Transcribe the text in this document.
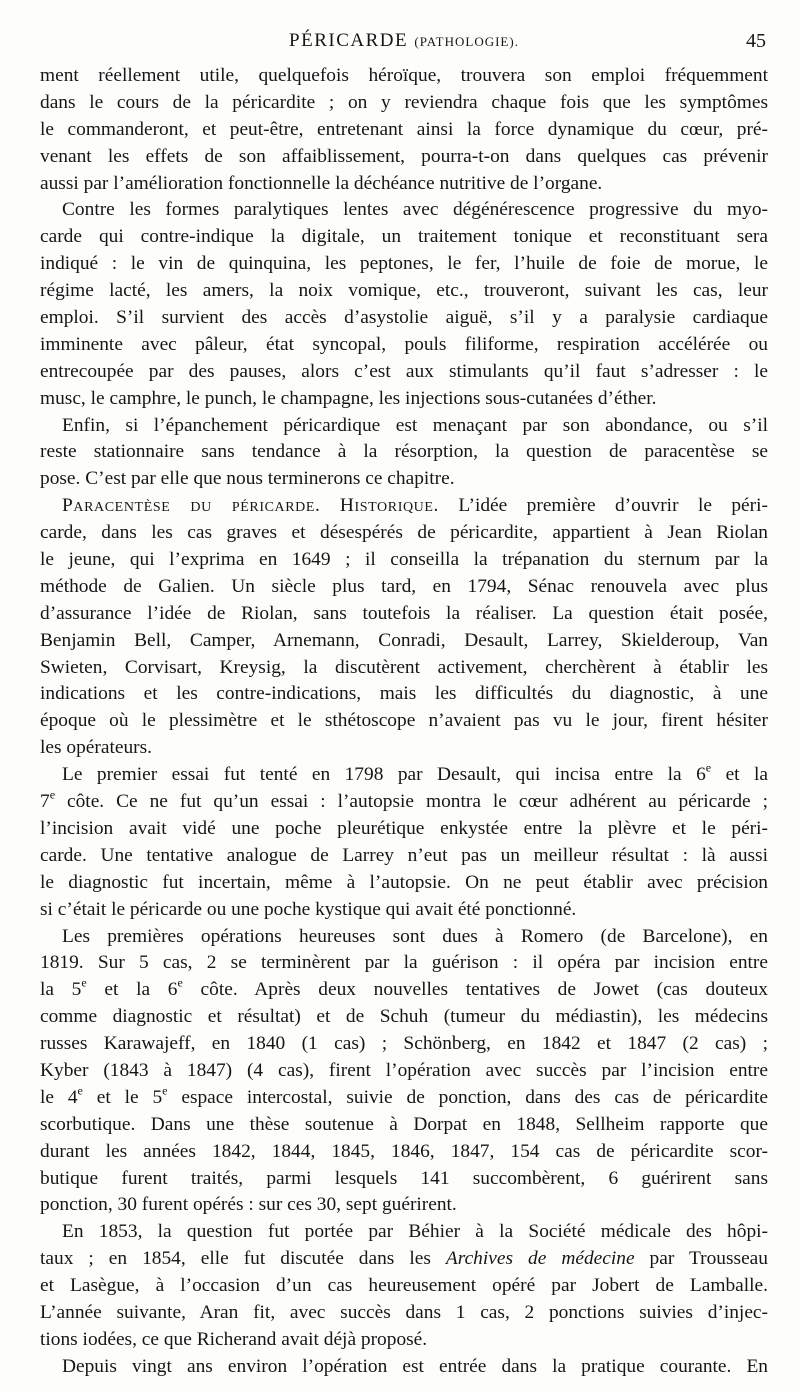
PÉRICARDE (PATHOLOGIE).	45
ment réellement utile, quelquefois héroïque, trouvera son emploi fréquemment
dans le cours de la péricardite ; on y reviendra chaque fois que les symptômes
le commanderont, et peut-être, entretenant ainsi la force dynamique du cœur, pré-
venant les effets de son affaiblissement, pourra-t-on dans quelques cas prévenir
aussi par l’amélioration fonctionnelle la déchéance nutritive de l’organe.
Contre les formes paralytiques lentes avec dégénérescence progressive du myo-
carde qui contre-indique la digitale, un traitement tonique et reconstituant sera
indiqué : le vin de quinquina, les peptones, le fer, l’huile de foie de morue, le
régime lacté, les amers, la noix vomique, etc., trouveront, suivant les cas, leur
emploi. S’il survient des accès d’asystolie aiguë, s’il y a paralysie cardiaque
imminente avec pâleur, état syncopal, pouls filiforme, respiration accélérée ou
entrecoupée par des pauses, alors c’est aux stimulants qu’il faut s’adresser : le
musc, le camphre, le punch, le champagne, les injections sous-cutanées d’éther.
Enfin, si l’épanchement péricardique est menaçant par son abondance, ou s’il
reste stationnaire sans tendance à la résorption, la question de paracentèse se
pose. C’est par elle que nous terminerons ce chapitre.
Paracentèse du péricarde. Historique. L’idée première d’ouvrir le péri-
carde, dans les cas graves et désespérés de péricardite, appartient à Jean Riolan
le jeune, qui l’exprima en 1649 ; il conseilla la trépanation du sternum par la
méthode de Galien. Un siècle plus tard, en 1794, Sénac renouvela avec plus
d’assurance l’idée de Riolan, sans toutefois la réaliser. La question était posée,
Benjamin Bell, Camper, Arnemann, Conradi, Desault, Larrey, Skielderoup, Van
Swieten, Corvisart, Kreysig, la discutèrent activement, cherchèrent à établir les
indications et les contre-indications, mais les difficultés du diagnostic, à une
époque où le plessimètre et le sthétoscope n’avaient pas vu le jour, firent hésiter
les opérateurs.
Le premier essai fut tenté en 1798 par Desault, qui incisa entre la 6e et la
7e côte. Ce ne fut qu’un essai : l’autopsie montra le cœur adhérent au péricarde ;
l’incision avait vidé une poche pleurétique enkystée entre la plèvre et le péri-
carde. Une tentative analogue de Larrey n’eut pas un meilleur résultat : là aussi
le diagnostic fut incertain, même à l’autopsie. On ne peut établir avec précision
si c’était le péricarde ou une poche kystique qui avait été ponctionné.
Les premières opérations heureuses sont dues à Romero (de Barcelone), en
1819. Sur 5 cas, 2 se terminèrent par la guérison : il opéra par incision entre
la 5e et la 6e côte. Après deux nouvelles tentatives de Jowet (cas douteux
comme diagnostic et résultat) et de Schuh (tumeur du médiastin), les médecins
russes Karawajeff, en 1840 (1 cas) ; Schönberg, en 1842 et 1847 (2 cas) ;
Kyber (1843 à 1847) (4 cas), firent l’opération avec succès par l’incision entre
le 4e et le 5e espace intercostal, suivie de ponction, dans des cas de péricardite
scorbutique. Dans une thèse soutenue à Dorpat en 1848, Sellheim rapporte que
durant les années 1842, 1844, 1845, 1846, 1847, 154 cas de péricardite scor-
butique furent traités, parmi lesquels 141 succombèrent, 6 guérirent sans
ponction, 30 furent opérés : sur ces 30, sept guérirent.
En 1853, la question fut portée par Béhier à la Société médicale des hôpi-
taux ; en 1854, elle fut discutée dans les Archives de médecine par Trousseau
et Lasègue, à l’occasion d’un cas heureusement opéré par Jobert de Lamballe.
L’année suivante, Aran fit, avec succès dans 1 cas, 2 ponctions suivies d’injec-
tions iodées, ce que Richerand avait déjà proposé.
Depuis vingt ans environ l’opération est entrée dans la pratique courante. En
